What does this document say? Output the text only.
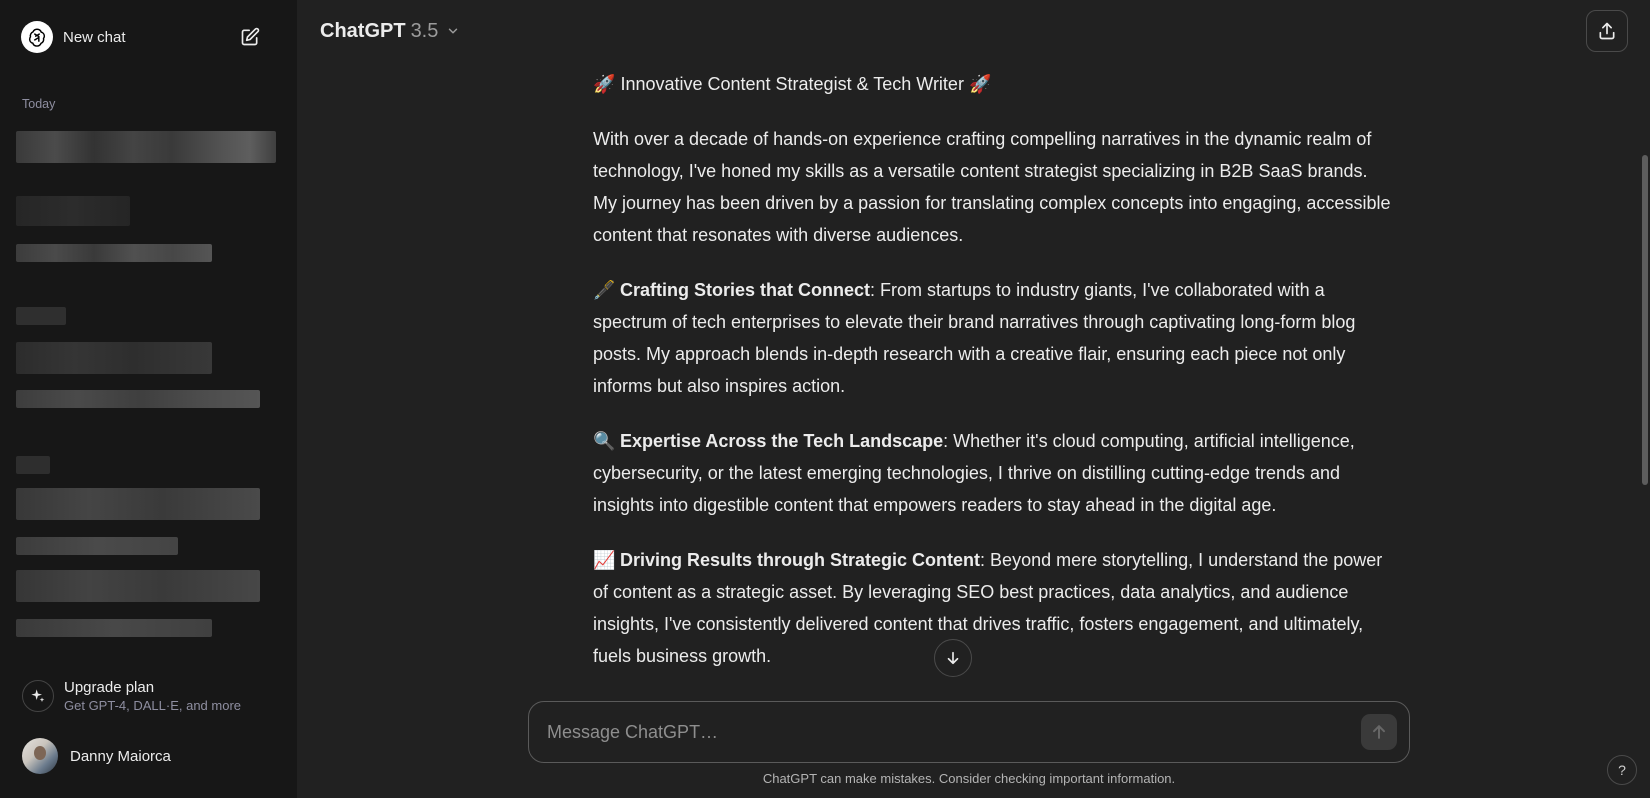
New chat
Today
Upgrade plan
Get GPT-4, DALL·E, and more
Danny Maiorca
ChatGPT 3.5

🚀 Innovative Content Strategist & Tech Writer 🚀

With over a decade of hands-on experience crafting compelling narratives in the dynamic realm of technology, I've honed my skills as a versatile content strategist specializing in B2B SaaS brands. My journey has been driven by a passion for translating complex concepts into engaging, accessible content that resonates with diverse audiences.

🖋️ Crafting Stories that Connect: From startups to industry giants, I've collaborated with a spectrum of tech enterprises to elevate their brand narratives through captivating long-form blog posts. My approach blends in-depth research with a creative flair, ensuring each piece not only informs but also inspires action.

🔍 Expertise Across the Tech Landscape: Whether it's cloud computing, artificial intelligence, cybersecurity, or the latest emerging technologies, I thrive on distilling cutting-edge trends and insights into digestible content that empowers readers to stay ahead in the digital age.

📈 Driving Results through Strategic Content: Beyond mere storytelling, I understand the power of content as a strategic asset. By leveraging SEO best practices, data analytics, and audience insights, I've consistently delivered content that drives traffic, fosters engagement, and ultimately, fuels business growth.

Message ChatGPT…
ChatGPT can make mistakes. Consider checking important information.
?
